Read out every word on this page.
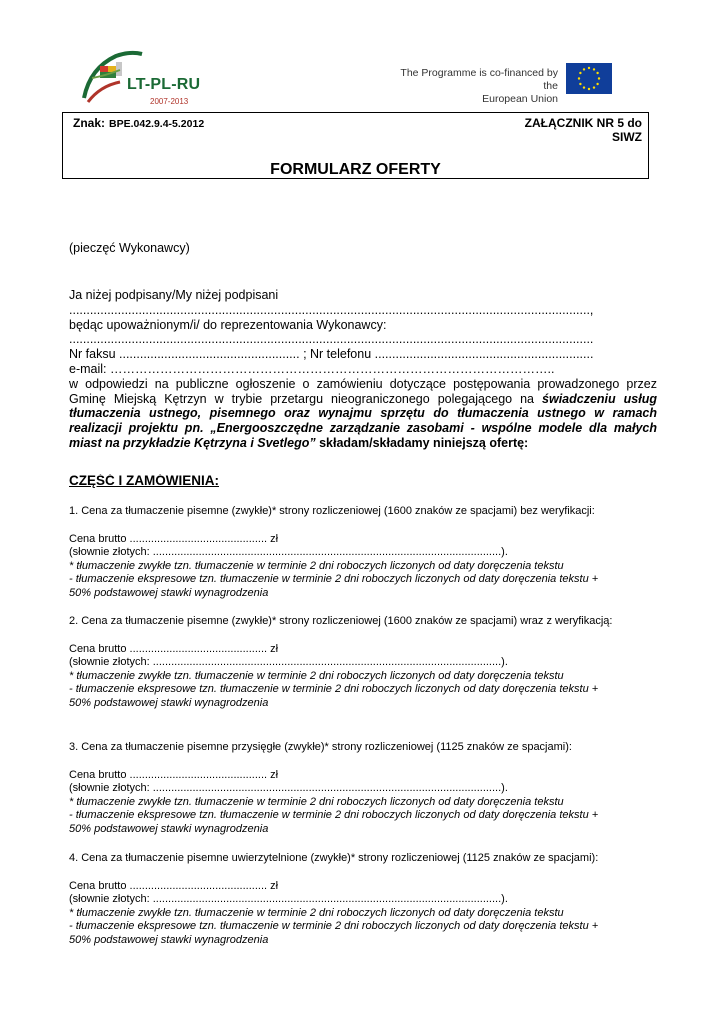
LT-PL-RU
2007-2013
The Programme is co-financed by the
European Union
Znak: BPE.042.9.4-5.2012	ZAŁĄCZNIK NR 5 do
SIWZ
FORMULARZ OFERTY

(pieczęć Wykonawcy)

Ja niżej podpisany/My niżej podpisani

......................................................................................................................................................,

będąc upoważnionym/i/ do reprezentowania Wykonawcy:

.......................................................................................................................................................

Nr faksu .................................................... ; Nr telefonu ...............................................................

e-mail: ……………………………………………………………………………………………..

w odpowiedzi na publiczne ogłoszenie o zamówieniu dotyczące postępowania prowadzonego przez Gminę Miejską Kętrzyn w trybie przetargu nieograniczonego polegającego na świadczeniu usług tłumaczenia ustnego, pisemnego oraz wynajmu sprzętu do tłumaczenia ustnego w ramach realizacji projektu pn. „Energooszczędne zarządzanie zasobami - wspólne modele dla małych miast na przykładzie Kętrzyna i Svetlego” składam/składamy niniejszą ofertę:

CZĘŚĆ I ZAMÓWIENIA:

1. Cena za tłumaczenie pisemne (zwykłe)* strony rozliczeniowej (1600 znaków ze spacjami) bez weryfikacji:

Cena brutto ............................................. zł

(słownie złotych: ..................................................................................................................).

* tłumaczenie zwykłe tzn. tłumaczenie w terminie 2 dni roboczych liczonych od daty doręczenia tekstu

- tłumaczenie ekspresowe tzn. tłumaczenie w terminie 2 dni roboczych liczonych od daty doręczenia tekstu +

50% podstawowej stawki wynagrodzenia

2. Cena za tłumaczenie pisemne (zwykłe)* strony rozliczeniowej (1600 znaków ze spacjami) wraz z weryfikacją:

Cena brutto ............................................. zł

(słownie złotych: ..................................................................................................................).

* tłumaczenie zwykłe tzn. tłumaczenie w terminie 2 dni roboczych liczonych od daty doręczenia tekstu

- tłumaczenie ekspresowe tzn. tłumaczenie w terminie 2 dni roboczych liczonych od daty doręczenia tekstu +

50% podstawowej stawki wynagrodzenia

3. Cena za tłumaczenie pisemne przysięgłe (zwykłe)* strony rozliczeniowej (1125 znaków ze spacjami):

Cena brutto ............................................. zł

(słownie złotych: ..................................................................................................................).

* tłumaczenie zwykłe tzn. tłumaczenie w terminie 2 dni roboczych liczonych od daty doręczenia tekstu

- tłumaczenie ekspresowe tzn. tłumaczenie w terminie 2 dni roboczych liczonych od daty doręczenia tekstu +

50% podstawowej stawki wynagrodzenia

4. Cena za tłumaczenie pisemne uwierzytelnione (zwykłe)* strony rozliczeniowej (1125 znaków ze spacjami):

Cena brutto ............................................. zł

(słownie złotych: ..................................................................................................................).

* tłumaczenie zwykłe tzn. tłumaczenie w terminie 2 dni roboczych liczonych od daty doręczenia tekstu

- tłumaczenie ekspresowe tzn. tłumaczenie w terminie 2 dni roboczych liczonych od daty doręczenia tekstu +

50% podstawowej stawki wynagrodzenia
